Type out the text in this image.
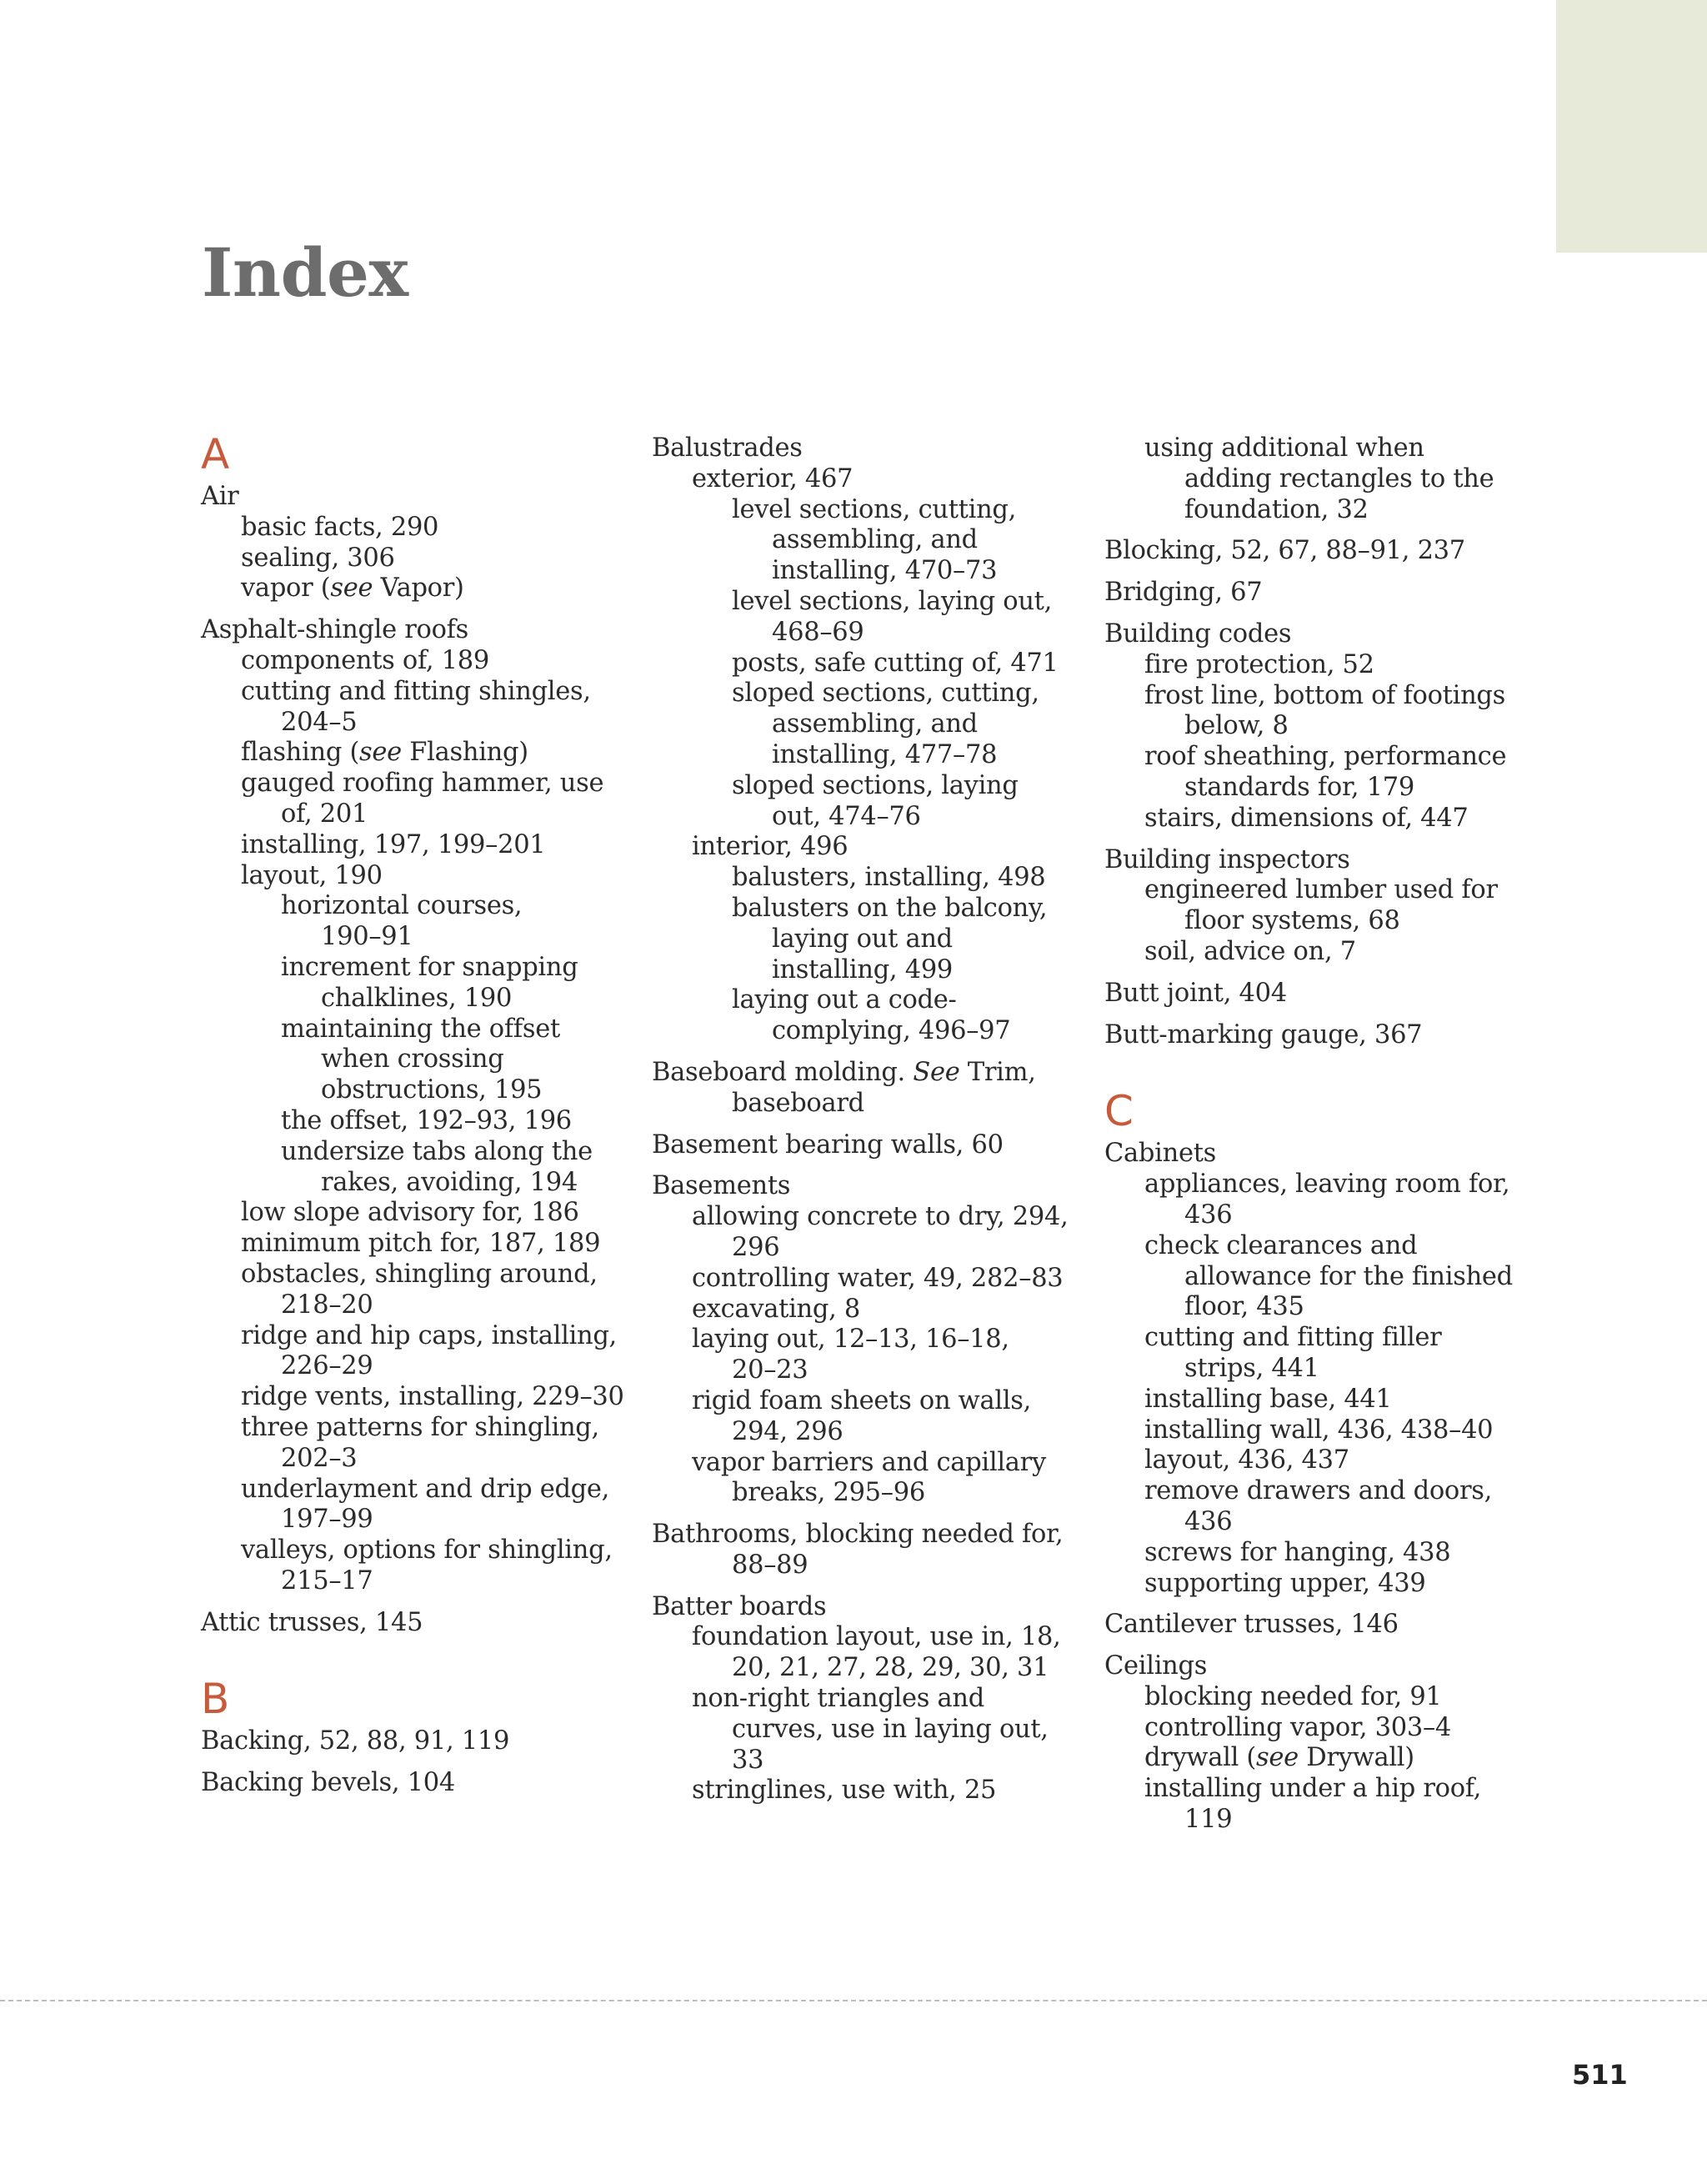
Index
A
Air
basic facts, 290
sealing, 306
vapor (see Vapor)
Asphalt-shingle roofs
components of, 189
cutting and fitting shingles,
204–5
flashing (see Flashing)
gauged roofing hammer, use
of, 201
installing, 197, 199–201
layout, 190
horizontal courses,
190–91
increment for snapping
chalklines, 190
maintaining the offset
when crossing
obstructions, 195
the offset, 192–93, 196
undersize tabs along the
rakes, avoiding, 194
low slope advisory for, 186
minimum pitch for, 187, 189
obstacles, shingling around,
218–20
ridge and hip caps, installing,
226–29
ridge vents, installing, 229–30
three patterns for shingling,
202–3
underlayment and drip edge,
197–99
valleys, options for shingling,
215–17
Attic trusses, 145
B
Backing, 52, 88, 91, 119
Backing bevels, 104
Balustrades
exterior, 467
level sections, cutting,
assembling, and
installing, 470–73
level sections, laying out,
468–69
posts, safe cutting of, 471
sloped sections, cutting,
assembling, and
installing, 477–78
sloped sections, laying
out, 474–76
interior, 496
balusters, installing, 498
balusters on the balcony,
laying out and
installing, 499
laying out a code-
complying, 496–97
Baseboard molding. See Trim,
baseboard
Basement bearing walls, 60
Basements
allowing concrete to dry, 294,
296
controlling water, 49, 282–83
excavating, 8
laying out, 12–13, 16–18,
20–23
rigid foam sheets on walls,
294, 296
vapor barriers and capillary
breaks, 295–96
Bathrooms, blocking needed for,
88–89
Batter boards
foundation layout, use in, 18,
20, 21, 27, 28, 29, 30, 31
non-right triangles and
curves, use in laying out,
33
stringlines, use with, 25
using additional when
adding rectangles to the
foundation, 32
Blocking, 52, 67, 88–91, 237
Bridging, 67
Building codes
fire protection, 52
frost line, bottom of footings
below, 8
roof sheathing, performance
standards for, 179
stairs, dimensions of, 447
Building inspectors
engineered lumber used for
floor systems, 68
soil, advice on, 7
Butt joint, 404
Butt-marking gauge, 367
C
Cabinets
appliances, leaving room for,
436
check clearances and
allowance for the finished
floor, 435
cutting and fitting filler
strips, 441
installing base, 441
installing wall, 436, 438–40
layout, 436, 437
remove drawers and doors,
436
screws for hanging, 438
supporting upper, 439
Cantilever trusses, 146
Ceilings
blocking needed for, 91
controlling vapor, 303–4
drywall (see Drywall)
installing under a hip roof,
119
511
